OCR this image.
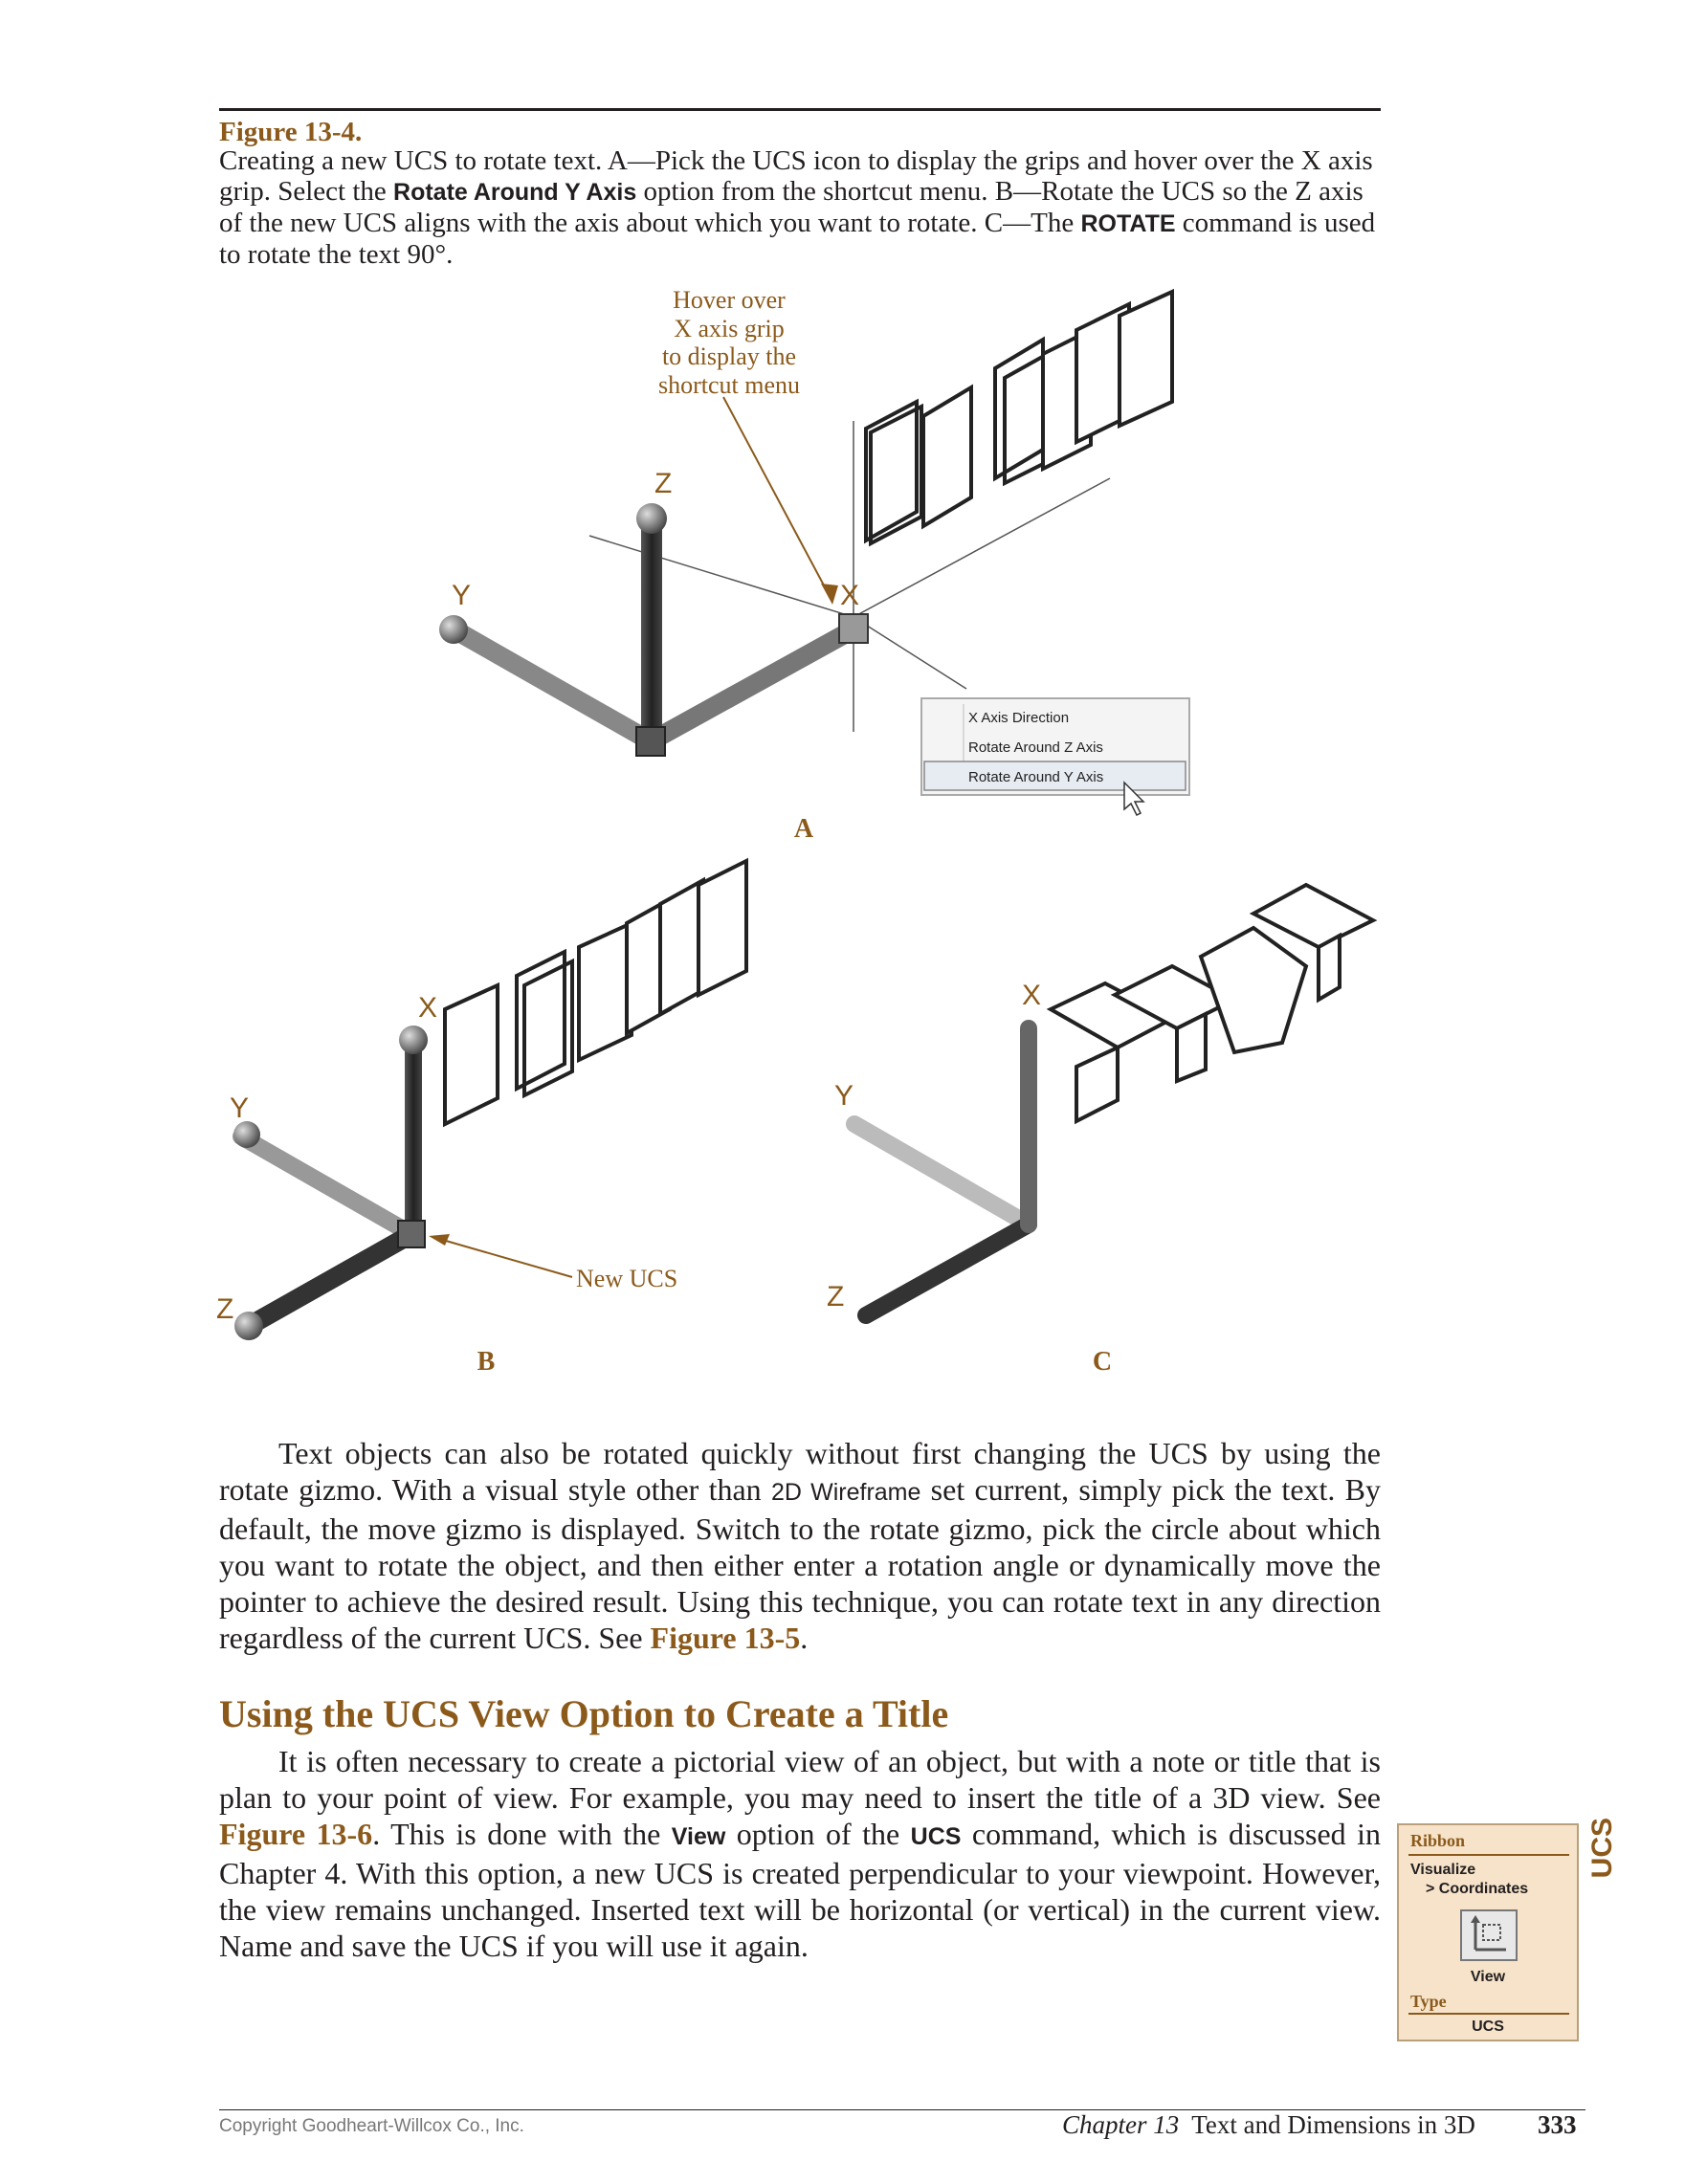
Figure 13-4.
Creating a new UCS to rotate text. A—Pick the UCS icon to display the grips and hover over the X axis grip. Select the Rotate Around Y Axis option from the shortcut menu. B—Rotate the UCS so the Z axis of the new UCS aligns with the axis about which you want to rotate. C—The ROTATE command is used to rotate the text 90°.
X Axis Direction
Rotate Around Z Axis
Rotate Around Y Axis
Z
Y	X
Hover over
X axis grip
to display the
shortcut menu
A
X
Y
Z
New UCS
B
X
Y
Z
C

Text objects can also be rotated quickly without first changing the UCS by using the rotate gizmo. With a visual style other than 2D Wireframe set current, simply pick the text. By default, the move gizmo is displayed. Switch to the rotate gizmo, pick the circle about which you want to rotate the object, and then either enter a rotation angle or dynamically move the pointer to achieve the desired result. Using this technique, you can rotate text in any direction regardless of the current UCS. See Figure 13-5.

Using the UCS View Option to Create a Title

It is often necessary to create a pictorial view of an object, but with a note or title that is plan to your point of view. For example, you may need to insert the title of a 3D view. See Figure 13-6. This is done with the View option of the UCS command, which is discussed in Chapter 4. With this option, a new UCS is created perpendicular to your viewpoint. However, the view remains unchanged. Inserted text will be horizontal (or vertical) in the current view. Name and save the UCS if you will use it again.

Ribbon
Visualize
> Coordinates
View
Type
UCS
UCS
Copyright Goodheart-Willcox Co., Inc.	Chapter 13 Text and Dimensions in 3D 333
